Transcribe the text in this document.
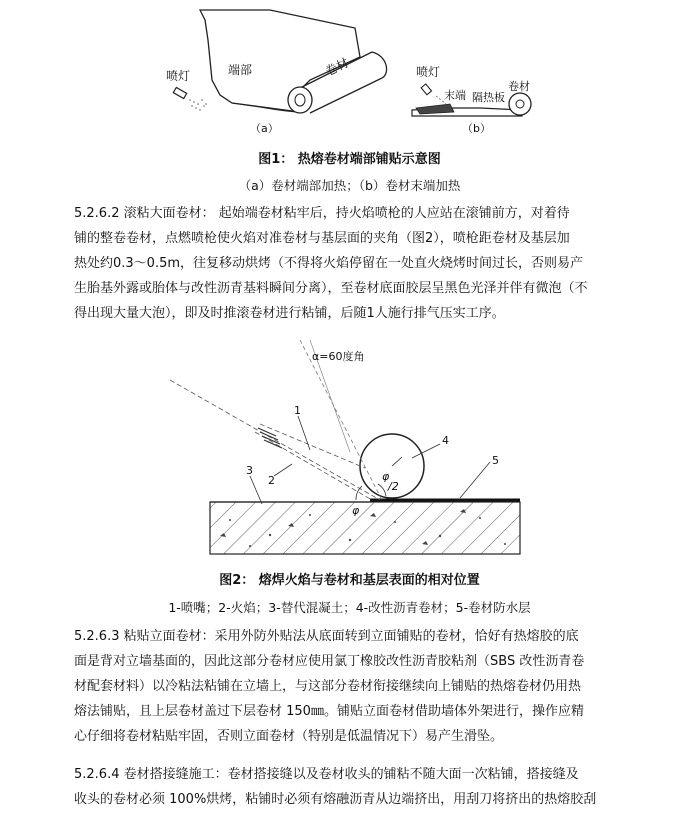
喷灯	端部	卷材
（a）
喷灯
末端 隔热板
卷材
（b）
图1： 热熔卷材端部铺贴示意图
（a）卷材端部加热；（b）卷材末端加热
5.2.6.2 滚粘大面卷材： 起始端卷材粘牢后，持火焰喷枪的人应站在滚铺前方，对着待
铺的整卷卷材，点燃喷枪使火焰对准卷材与基层面的夹角（图2），喷枪距卷材及基层加
热处约0.3～0.5m，往复移动烘烤（不得将火焰停留在一处直火烧烤时间过长，否则易产
生胎基外露或胎体与改性沥青基料瞬间分离），至卷材底面胶层呈黑色光泽并伴有微泡（不
得出现大量大泡），即及时推滚卷材进行粘铺，后随1人施行排气压实工序。
α=60度角
1
2
3
4
5
φ
φ
/2
图2： 熔焊火焰与卷材和基层表面的相对位置
1-喷嘴；2-火焰；3-替代混凝土；4-改性沥青卷材；5-卷材防水层
5.2.6.3 粘贴立面卷材：采用外防外贴法从底面转到立面铺贴的卷材，恰好有热熔胶的底
面是背对立墙基面的，因此这部分卷材应使用氯丁橡胶改性沥青胶粘剂（SBS 改性沥青卷
材配套材料）以冷粘法粘铺在立墙上，与这部分卷材衔接继续向上铺贴的热熔卷材仍用热
熔法铺贴，且上层卷材盖过下层卷材 150㎜。铺贴立面卷材借助墙体外架进行，操作应精
心仔细将卷材粘贴牢固，否则立面卷材（特别是低温情况下）易产生滑坠。
5.2.6.4 卷材搭接缝施工：卷材搭接缝以及卷材收头的铺粘不随大面一次粘铺，搭接缝及
收头的卷材必须 100%烘烤，粘铺时必须有熔融沥青从边端挤出，用刮刀将挤出的热熔胶刮
